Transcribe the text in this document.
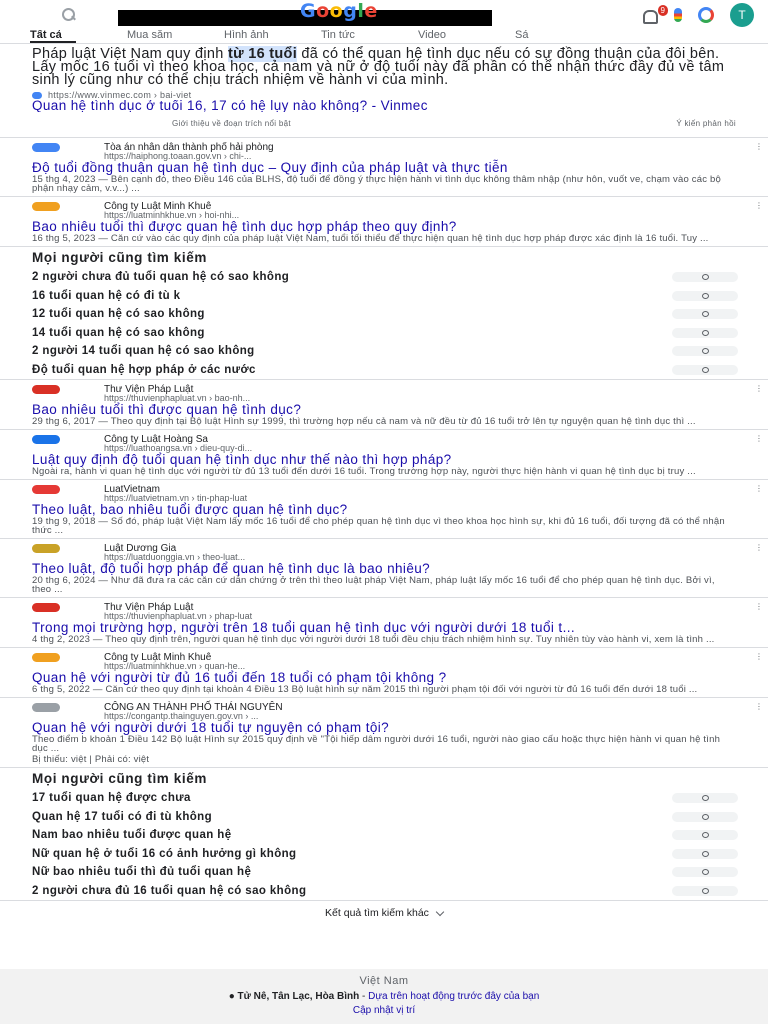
Google	9	T
Tất cả	Mua sắm	Hình ảnh	Tin tức	Video	Sá
Pháp luật Việt Nam quy định từ 16 tuổi đã có thể quan hệ tình dục nếu có sự đồng thuận của đôi bên. Lấy mốc 16 tuổi vì theo khoa học, cả nam và nữ ở độ tuổi này đã phần có thể nhận thức đầy đủ về tâm sinh lý cũng như có thể chịu trách nhiệm về hành vi của mình.
https://www.vinmec.com › bai-viet
Quan hệ tình dục ở tuổi 16, 17 có hệ lụy nào không? - Vinmec
Giới thiệu về đoạn trích nổi bật	Ý kiến phản hồi
Tòa án nhân dân thành phố hải phòng
https://haiphong.toaan.gov.vn › chi-...
Độ tuổi đồng thuận quan hệ tình dục – Quy định của pháp luật và thực tiễn
15 thg 4, 2023 — Bên cạnh đó, theo Điều 146 của BLHS, độ tuổi để đồng ý thực hiện hành vi tình dục không thâm nhập (như hôn, vuốt ve, chạm vào các bộ phận nhạy cảm, v.v...) ...
⋮
Công ty Luật Minh Khuê
https://luatminhkhue.vn › hoi-nhi...
Bao nhiêu tuổi thì được quan hệ tình dục hợp pháp theo quy định?
16 thg 5, 2023 — Căn cứ vào các quy định của pháp luật Việt Nam, tuổi tối thiểu để thực hiện quan hệ tình dục hợp pháp được xác định là 16 tuổi. Tuy ...
⋮
Mọi người cũng tìm kiếm
2 người chưa đủ tuổi quan hệ có sao không
16 tuổi quan hệ có đi tù k
12 tuổi quan hệ có sao không
14 tuổi quan hệ có sao không
2 người 14 tuổi quan hệ có sao không
Độ tuổi quan hệ hợp pháp ở các nước
Thư Viện Pháp Luật
https://thuvienphapluat.vn › bao-nh...
Bao nhiêu tuổi thì được quan hệ tình dục?
29 thg 6, 2017 — Theo quy định tại Bộ luật Hình sự 1999, thì trường hợp nếu cả nam và nữ đều từ đủ 16 tuổi trở lên tự nguyện quan hệ tình dục thì ...
⋮
Công ty Luật Hoàng Sa
https://luathoangsa.vn › dieu-quy-di...
Luật quy định độ tuổi quan hệ tình dục như thế nào thì hợp pháp?
Ngoài ra, hành vi quan hệ tình dục với người từ đủ 13 tuổi đến dưới 16 tuổi. Trong trường hợp này, người thực hiện hành vi quan hệ tình dục bị truy ...
⋮
LuatVietnam
https://luatvietnam.vn › tin-phap-luat
Theo luật, bao nhiêu tuổi được quan hệ tình dục?
19 thg 9, 2018 — Số đó, pháp luật Việt Nam lấy mốc 16 tuổi để cho phép quan hệ tình dục vì theo khoa học hình sự, khi đủ 16 tuổi, đối tượng đã có thể nhận thức ...
⋮
Luật Dương Gia
https://luatduonggia.vn › theo-luat...
Theo luật, độ tuổi hợp pháp để quan hệ tình dục là bao nhiêu?
20 thg 6, 2024 — Như đã đưa ra các căn cứ dẫn chứng ở trên thì theo luật pháp Việt Nam, pháp luật lấy mốc 16 tuổi để cho phép quan hệ tình dục. Bởi vì, theo ...
⋮
Thư Viện Pháp Luật
https://thuvienphapluat.vn › phap-luat
Trong mọi trường hợp, người trên 18 tuổi quan hệ tình dục với người dưới 18 tuổi t...
4 thg 2, 2023 — Theo quy định trên, người quan hệ tình dục với người dưới 18 tuổi đều chịu trách nhiệm hình sự. Tuy nhiên tùy vào hành vi, xem là tình ...
⋮
Công ty Luật Minh Khuê
https://luatminhkhue.vn › quan-he...
Quan hệ với người từ đủ 16 tuổi đến 18 tuổi có phạm tội không ?
6 thg 5, 2022 — Căn cứ theo quy định tại khoản 4 Điều 13 Bộ luật hình sự năm 2015 thì người phạm tội đối với người từ đủ 16 tuổi đến dưới 18 tuổi ...
⋮
CÔNG AN THÀNH PHỐ THÁI NGUYÊN
https://congantp.thainguyen.gov.vn › ...
Quan hệ với người dưới 18 tuổi tự nguyện có phạm tội?
Theo điểm b khoản 1 Điều 142 Bộ luật Hình sự 2015 quy định về "Tội hiếp dâm người dưới 16 tuổi, người nào giao cấu hoặc thực hiện hành vi quan hệ tình dục ...
⋮
Bị thiếu: việt | Phải có: việt
Mọi người cũng tìm kiếm
17 tuổi quan hệ được chưa
Quan hệ 17 tuổi có đi tù không
Nam bao nhiêu tuổi được quan hệ
Nữ quan hệ ở tuổi 16 có ảnh hưởng gì không
Nữ bao nhiêu tuổi thì đủ tuổi quan hệ
2 người chưa đủ 16 tuổi quan hệ có sao không
Kết quả tìm kiếm khác
Việt Nam
● Tử Nê, Tân Lạc, Hòa Bình - Dựa trên hoạt động trước đây của bạn
Cập nhật vị trí
